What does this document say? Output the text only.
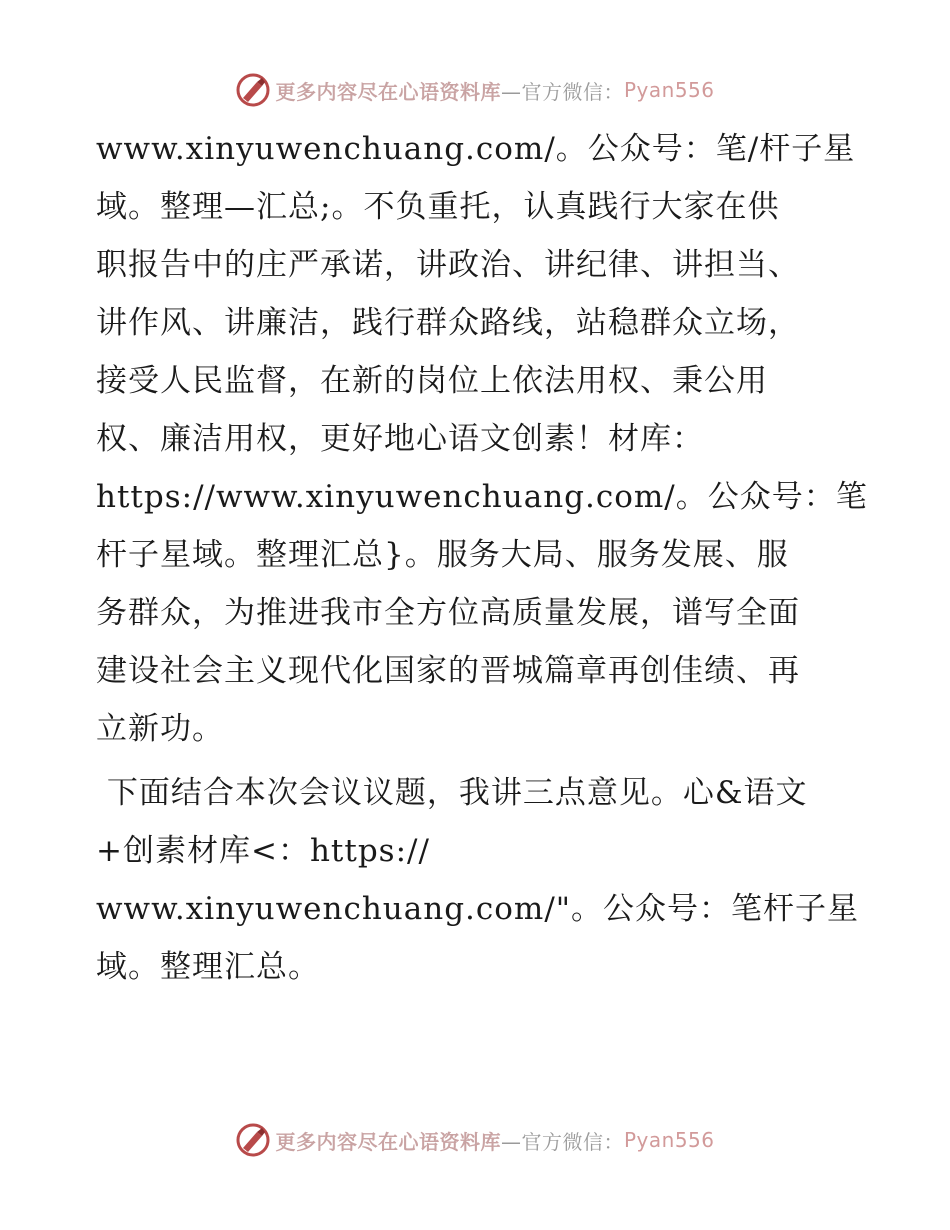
更多内容尽在心语资料库 —官方微信： Pyan556
www.xinyuwenchuang.com/。公众号：笔/杆子星
域。整理—汇总;。不负重托，认真践行大家在供
职报告中的庄严承诺，讲政治、讲纪律、讲担当、
讲作风、讲廉洁，践行群众路线，站稳群众立场，
接受人民监督，在新的岗位上依法用权、秉公用
权、廉洁用权，更好地心语文创素！材库：
https://www.xinyuwenchuang.com/。公众号：笔
杆子星域。整理汇总}。服务大局、服务发展、服
务群众，为推进我市全方位高质量发展，谱写全面
建设社会主义现代化国家的晋城篇章再创佳绩、再
立新功。
下面结合本次会议议题，我讲三点意见。心&语文
+创素材库<：https://
www.xinyuwenchuang.com/"。公众号：笔杆子星
域。整理汇总。
更多内容尽在心语资料库 —官方微信： Pyan556
